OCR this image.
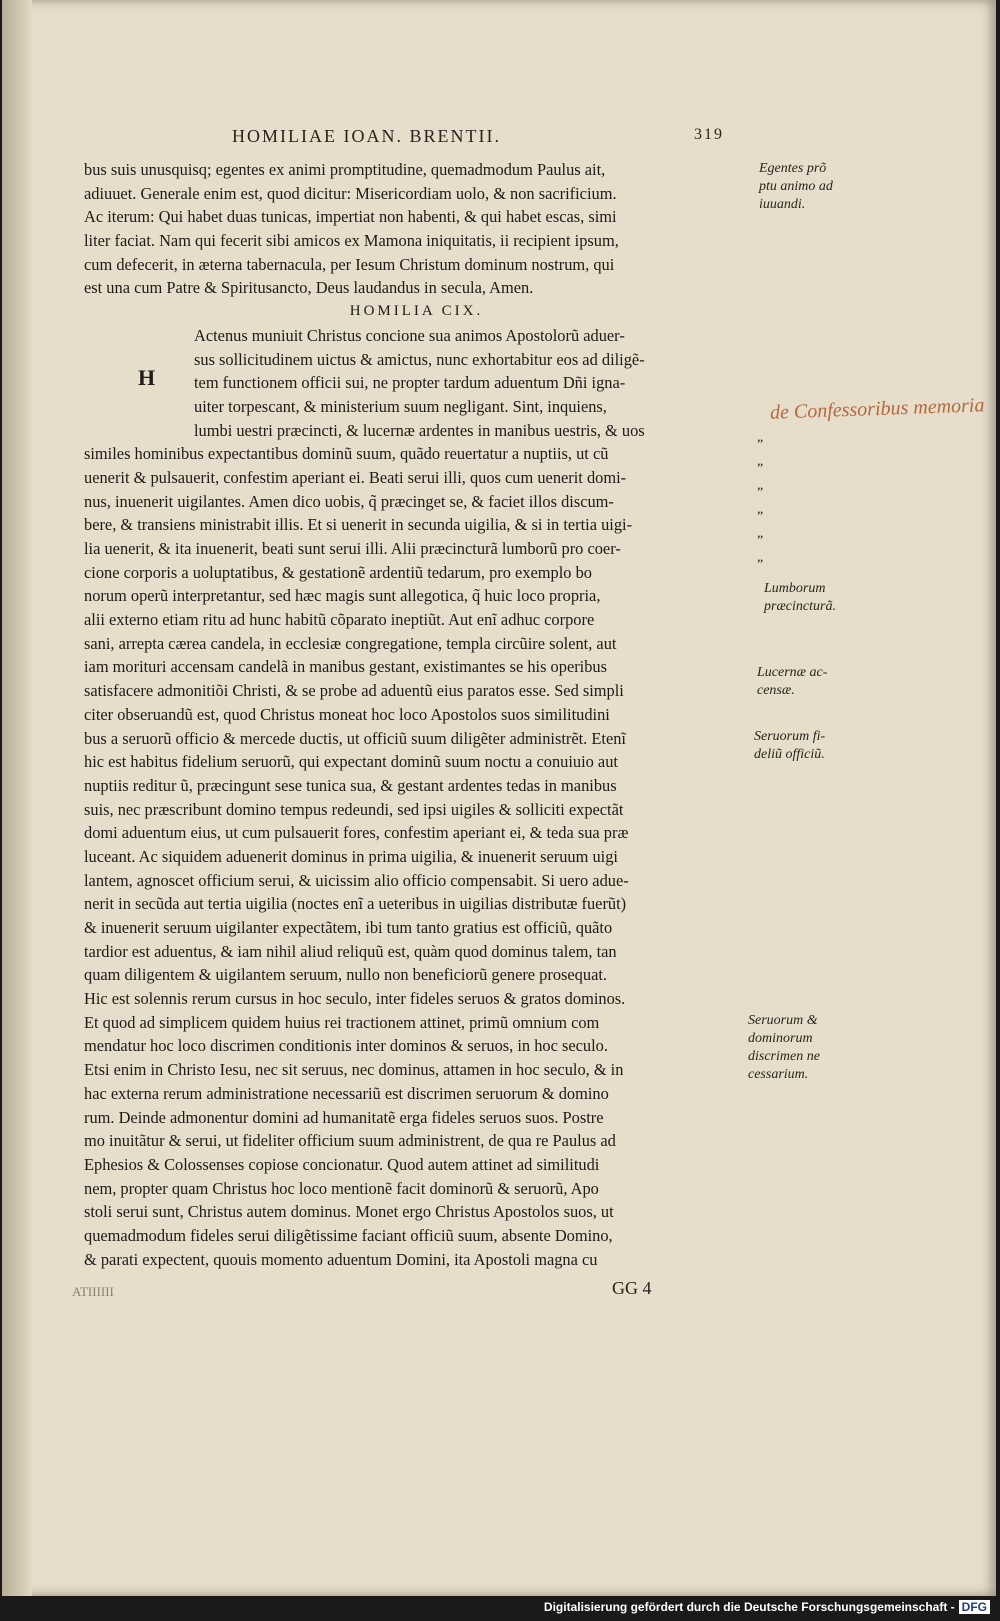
HOMILIAE IOAN. BRENTII.	319
bus suis unusquisq; egentes ex animi promptitudine, quemadmodum Paulus ait,
adiuuet. Generale enim est, quod dicitur: Misericordiam uolo, & non sacrificium.
Ac iterum: Qui habet duas tunicas, impertiat non habenti, & qui habet escas, simi
liter faciat. Nam qui fecerit sibi amicos ex Mamona iniquitatis, ii recipient ipsum,
cum defecerit, in æterna tabernacula, per Iesum Christum dominum nostrum, qui
est una cum Patre & Spiritusancto, Deus laudandus in secula, Amen.
HOMILIA CIX.
Actenus muniuit Christus concione sua animos Apostolorũ aduer-
sus sollicitudinem uictus & amictus, nunc exhortabitur eos ad diligẽ-
tem functionem officii sui, ne propter tardum aduentum Dñi igna-
uiter torpescant, & ministerium suum negligant. Sint, inquiens,
lumbi uestri præcincti, & lucernæ ardentes in manibus uestris, & uos
similes hominibus expectantibus dominũ suum, quãdo reuertatur a nuptiis, ut cũ
uenerit & pulsauerit, confestim aperiant ei. Beati serui illi, quos cum uenerit domi-
nus, inuenerit uigilantes. Amen dico uobis, q̃ præcinget se, & faciet illos discum-
bere, & transiens ministrabit illis. Et si uenerit in secunda uigilia, & si in tertia uigi-
lia uenerit, & ita inuenerit, beati sunt serui illi. Alii præcincturã lumborũ pro coer-
cione corporis a uoluptatibus, & gestationẽ ardentiũ tedarum, pro exemplo bo
norum operũ interpretantur, sed hæc magis sunt allegotica, q̃ huic loco propria,
alii externo etiam ritu ad hunc habitũ cõparato ineptiũt. Aut enĩ adhuc corpore
sani, arrepta cærea candela, in ecclesiæ congregatione, templa circũire solent, aut
iam morituri accensam candelã in manibus gestant, existimantes se his operibus
satisfacere admonitiõi Christi, & se probe ad aduentũ eius paratos esse. Sed simpli
citer obseruandũ est, quod Christus moneat hoc loco Apostolos suos similitudini
bus a seruorũ officio & mercede ductis, ut officiũ suum diligẽter administrẽt. Etenĩ
hic est habitus fidelium seruorũ, qui expectant dominũ suum noctu a conuiuio aut
nuptiis reditur ũ, præcingunt sese tunica sua, & gestant ardentes tedas in manibus
suis, nec præscribunt domino tempus redeundi, sed ipsi uigiles & solliciti expectãt
domi aduentum eius, ut cum pulsauerit fores, confestim aperiant ei, & teda sua præ
luceant. Ac siquidem aduenerit dominus in prima uigilia, & inuenerit seruum uigi
lantem, agnoscet officium serui, & uicissim alio officio compensabit. Si uero adue-
nerit in secũda aut tertia uigilia (noctes enĩ a ueteribus in uigilias distributæ fuerũt)
& inuenerit seruum uigilanter expectãtem, ibi tum tanto gratius est officiũ, quãto
tardior est aduentus, & iam nihil aliud reliquũ est, quàm quod dominus talem, tan
quam diligentem & uigilantem seruum, nullo non beneficiorũ genere prosequat.
Hic est solennis rerum cursus in hoc seculo, inter fideles seruos & gratos dominos.
Et quod ad simplicem quidem huius rei tractionem attinet, primũ omnium com
mendatur hoc loco discrimen conditionis inter dominos & seruos, in hoc seculo.
Etsi enim in Christo Iesu, nec sit seruus, nec dominus, attamen in hoc seculo, & in
hac externa rerum administratione necessariũ est discrimen seruorum & domino
rum. Deinde admonentur domini ad humanitatẽ erga fideles seruos suos. Postre
mo inuitãtur & serui, ut fideliter officium suum administrent, de qua re Paulus ad
Ephesios & Colossenses copiose concionatur. Quod autem attinet ad similitudi
nem, propter quam Christus hoc loco mentionẽ facit dominorũ & seruorũ, Apo
stoli serui sunt, Christus autem dominus. Monet ergo Christus Apostolos suos, ut
quemadmodum fideles serui diligẽtissime faciant officiũ suum, absente Domino,
& parati expectent, quouis momento aduentum Domini, ita Apostoli magna cu
H
Egentes prõ
ptu animo ad
iuuandi.
de Confessoribus memoria
„
„
„
„
„
„
Lumborum
præcincturã.
Lucernæ ac-
censæ.
Seruorum fi-
deliũ officiũ.
Seruorum &
dominorum
discrimen ne
cessarium.
ATIIIIII	GG 4
Digitalisierung gefördert durch die Deutsche Forschungsgemeinschaft - DFG
